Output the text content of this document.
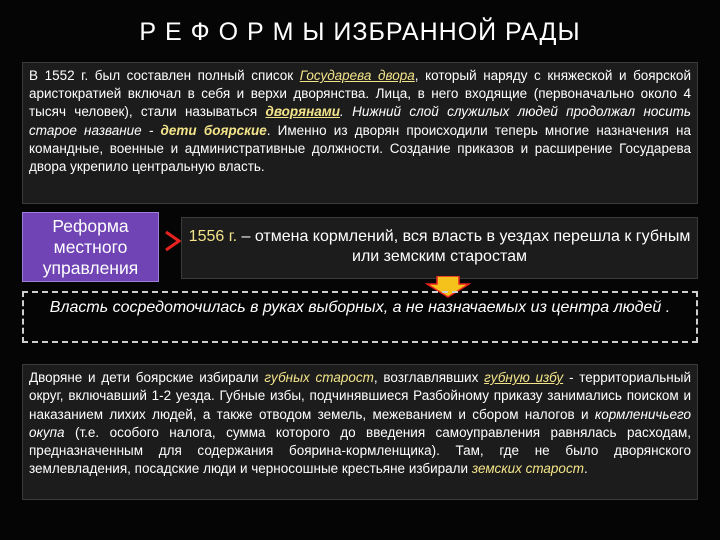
Р Е Ф О Р М Ы ИЗБРАННОЙ РАДЫ
В 1552 г. был составлен полный список Государева двора, который наряду с княжеской и боярской аристократией включал в себя и верхи дворянства. Лица, в него входящие (первоначально около 4 тысяч человек), стали называться дворянами. Нижний слой служилых людей продолжал носить старое название - дети боярские. Именно из дворян происходили теперь многие назначения на командные, военные и административные должности. Создание приказов и расширение Государева двора укрепило центральную власть.
Реформа местного управления
1556 г. – отмена кормлений, вся власть в уездах перешла к губным или земским старостам
Власть сосредоточилась в руках выборных, а не назначаемых из центра людей .
Дворяне и дети боярские избирали губных старост, возглавлявших губную избу - территориальный округ, включавший 1-2 уезда. Губные избы, подчинявшиеся Разбойному приказу занимались поиском и наказанием лихих людей, а также отводом земель, межеванием и сбором налогов и кормленичьего окупа (т.е. особого налога, сумма которого до введения самоуправления равнялась расходам, предназначенным для содержания боярина-кормленщика). Там, где не было дворянского землевладения, посадские люди и черносошные крестьяне избирали земских старост.
